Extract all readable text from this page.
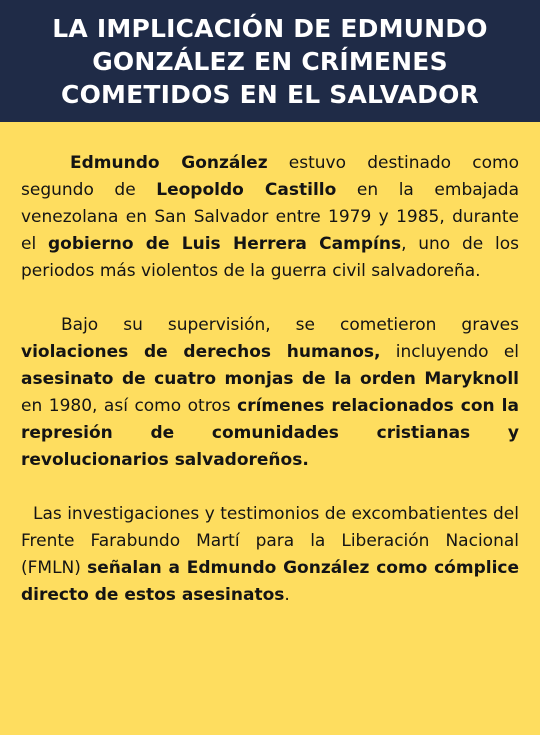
LA IMPLICACIÓN DE EDMUNDO GONZÁLEZ EN CRÍMENES COMETIDOS EN EL SALVADOR

Edmundo González estuvo destinado como segundo de Leopoldo Castillo en la embajada venezolana en San Salvador entre 1979 y 1985, durante el gobierno de Luis Herrera Campíns, uno de los periodos más violentos de la guerra civil salvadoreña.

Bajo su supervisión, se cometieron graves violaciones de derechos humanos, incluyendo el asesinato de cuatro monjas de la orden Maryknoll en 1980, así como otros crímenes relacionados con la represión de comunidades cristianas y revolucionarios salvadoreños.

Las investigaciones y testimonios de excombatientes del Frente Farabundo Martí para la Liberación Nacional (FMLN) señalan a Edmundo González como cómplice directo de estos asesinatos.
